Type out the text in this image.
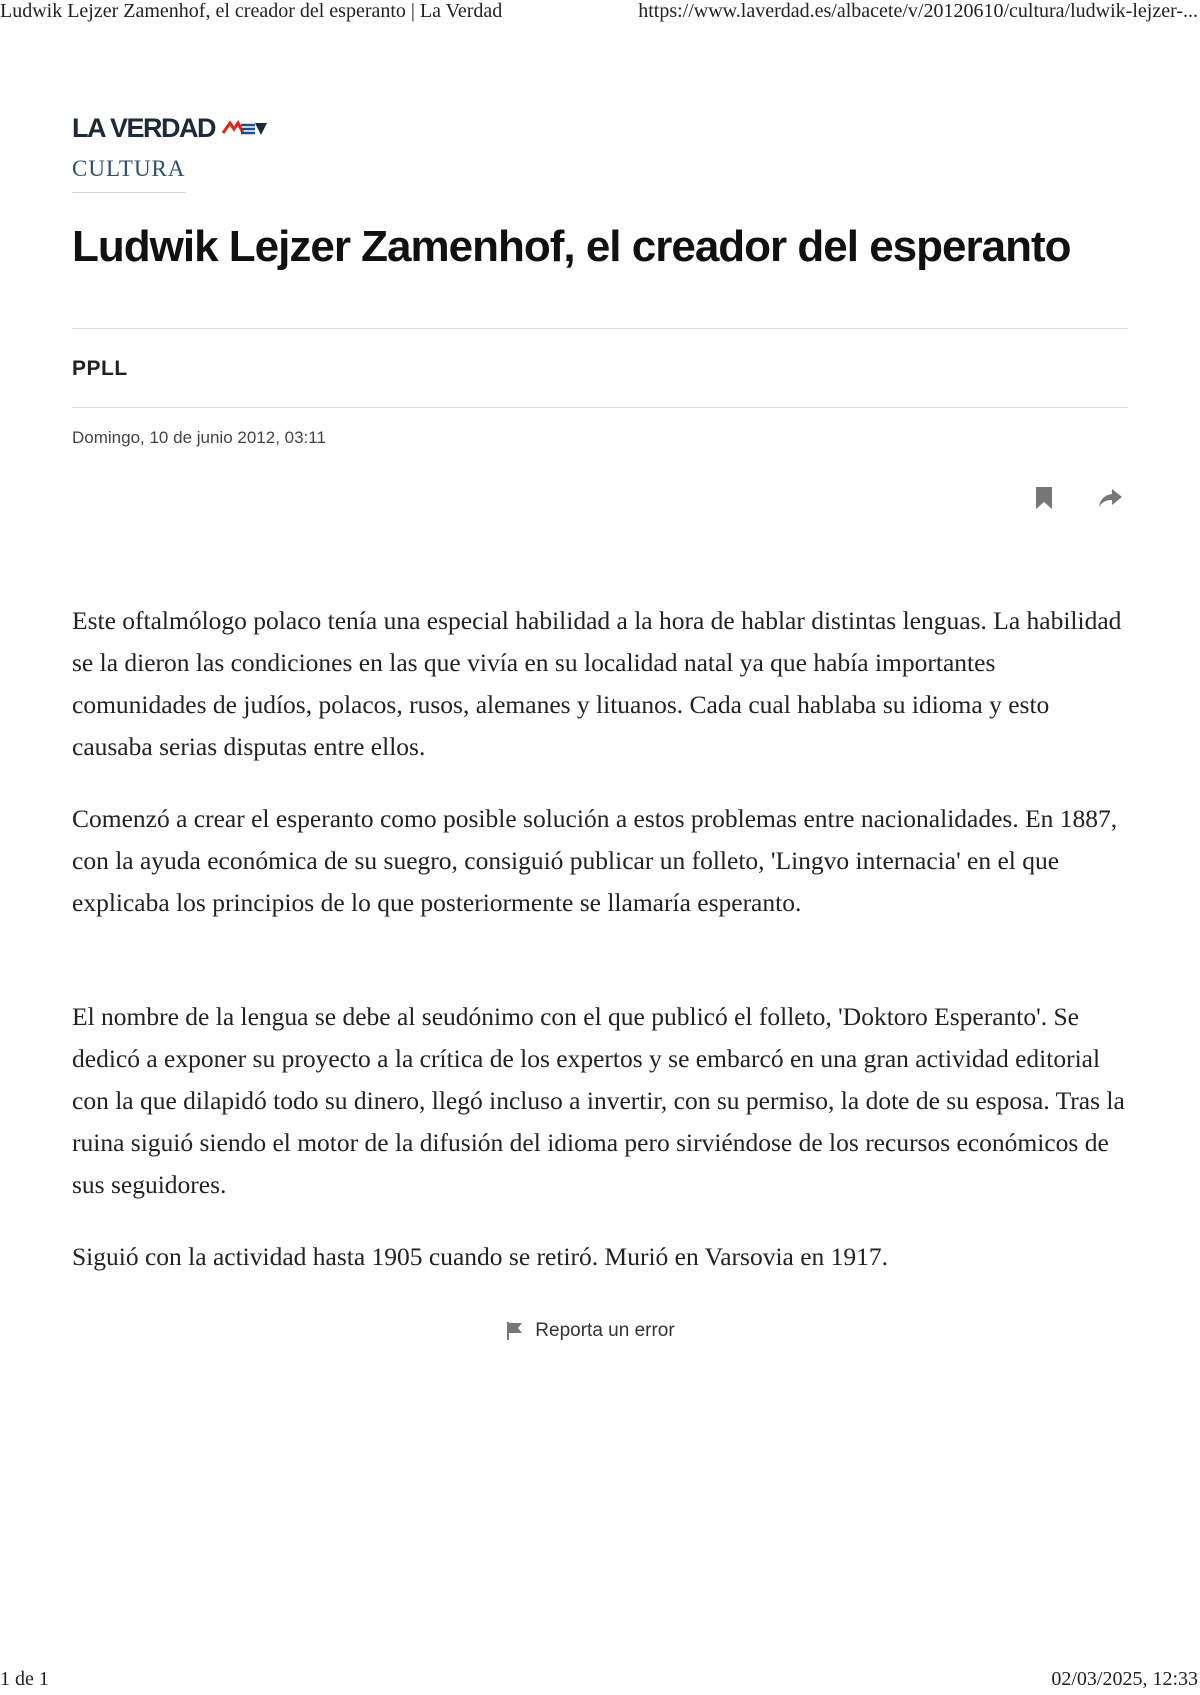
Ludwik Lejzer Zamenhof, el creador del esperanto | La Verdad	https://www.laverdad.es/albacete/v/20120610/cultura/ludwik-lejzer-...
LA VERDAD
CULTURA
Ludwik Lejzer Zamenhof, el creador del esperanto
PPLL
Domingo, 10 de junio 2012, 03:11

Este oftalmólogo polaco tenía una especial habilidad a la hora de hablar distintas lenguas. La habilidad se la dieron las condiciones en las que vivía en su localidad natal ya que había importantes comunidades de judíos, polacos, rusos, alemanes y lituanos. Cada cual hablaba su idioma y esto causaba serias disputas entre ellos.

Comenzó a crear el esperanto como posible solución a estos problemas entre nacionalidades. En 1887, con la ayuda económica de su suegro, consiguió publicar un folleto, 'Lingvo internacia' en el que explicaba los principios de lo que posteriormente se llamaría esperanto.

El nombre de la lengua se debe al seudónimo con el que publicó el folleto, 'Doktoro Esperanto'. Se dedicó a exponer su proyecto a la crítica de los expertos y se embarcó en una gran actividad editorial con la que dilapidó todo su dinero, llegó incluso a invertir, con su permiso, la dote de su esposa. Tras la ruina siguió siendo el motor de la difusión del idioma pero sirviéndose de los recursos económicos de sus seguidores.

Siguió con la actividad hasta 1905 cuando se retiró. Murió en Varsovia en 1917.

Reporta un error
1 de 1	02/03/2025, 12:33
